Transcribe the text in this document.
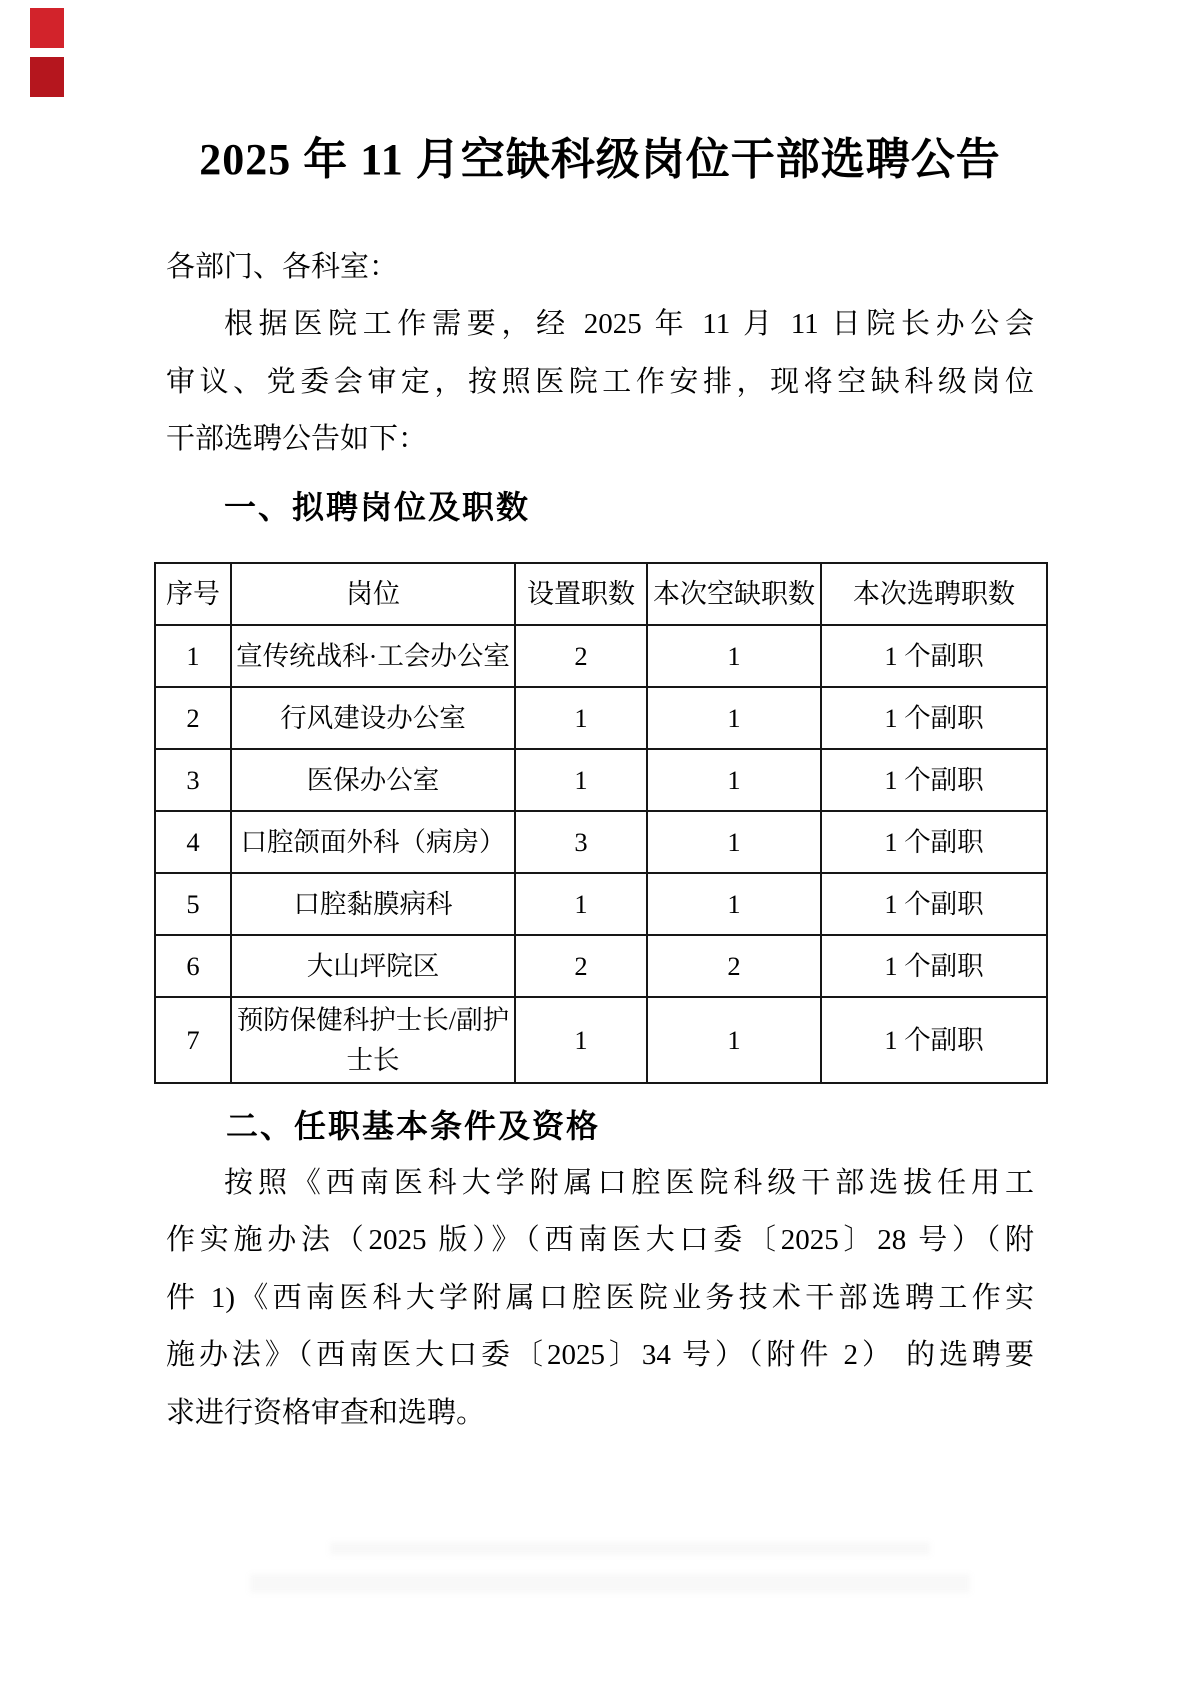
2025 年 11 月空缺科级岗位干部选聘公告
各部门、各科室：
根据医院工作需要，经 2025 年 11 月 11 日院长办公会
审议、党委会审定，按照医院工作安排，现将空缺科级岗位
干部选聘公告如下：
一、拟聘岗位及职数
序号	岗位	设置职数	本次空缺职数	本次选聘职数
1	宣传统战科·工会办公室	2	1	1 个副职
2	行风建设办公室	1	1	1 个副职
3	医保办公室	1	1	1 个副职
4	口腔颌面外科（病房）	3	1	1 个副职
5	口腔黏膜病科	1	1	1 个副职
6	大山坪院区	2	2	1 个副职
7	预防保健科护士长/副护士长	1	1	1 个副职
二、任职基本条件及资格
按照《西南医科大学附属口腔医院科级干部选拔任用工
作实施办法（2025 版）》（西南医大口委〔2025〕28 号）（附
件 1)《西南医科大学附属口腔医院业务技术干部选聘工作实
施办法》（西南医大口委〔2025〕34 号）（附件 2） 的选聘要
求进行资格审查和选聘。
